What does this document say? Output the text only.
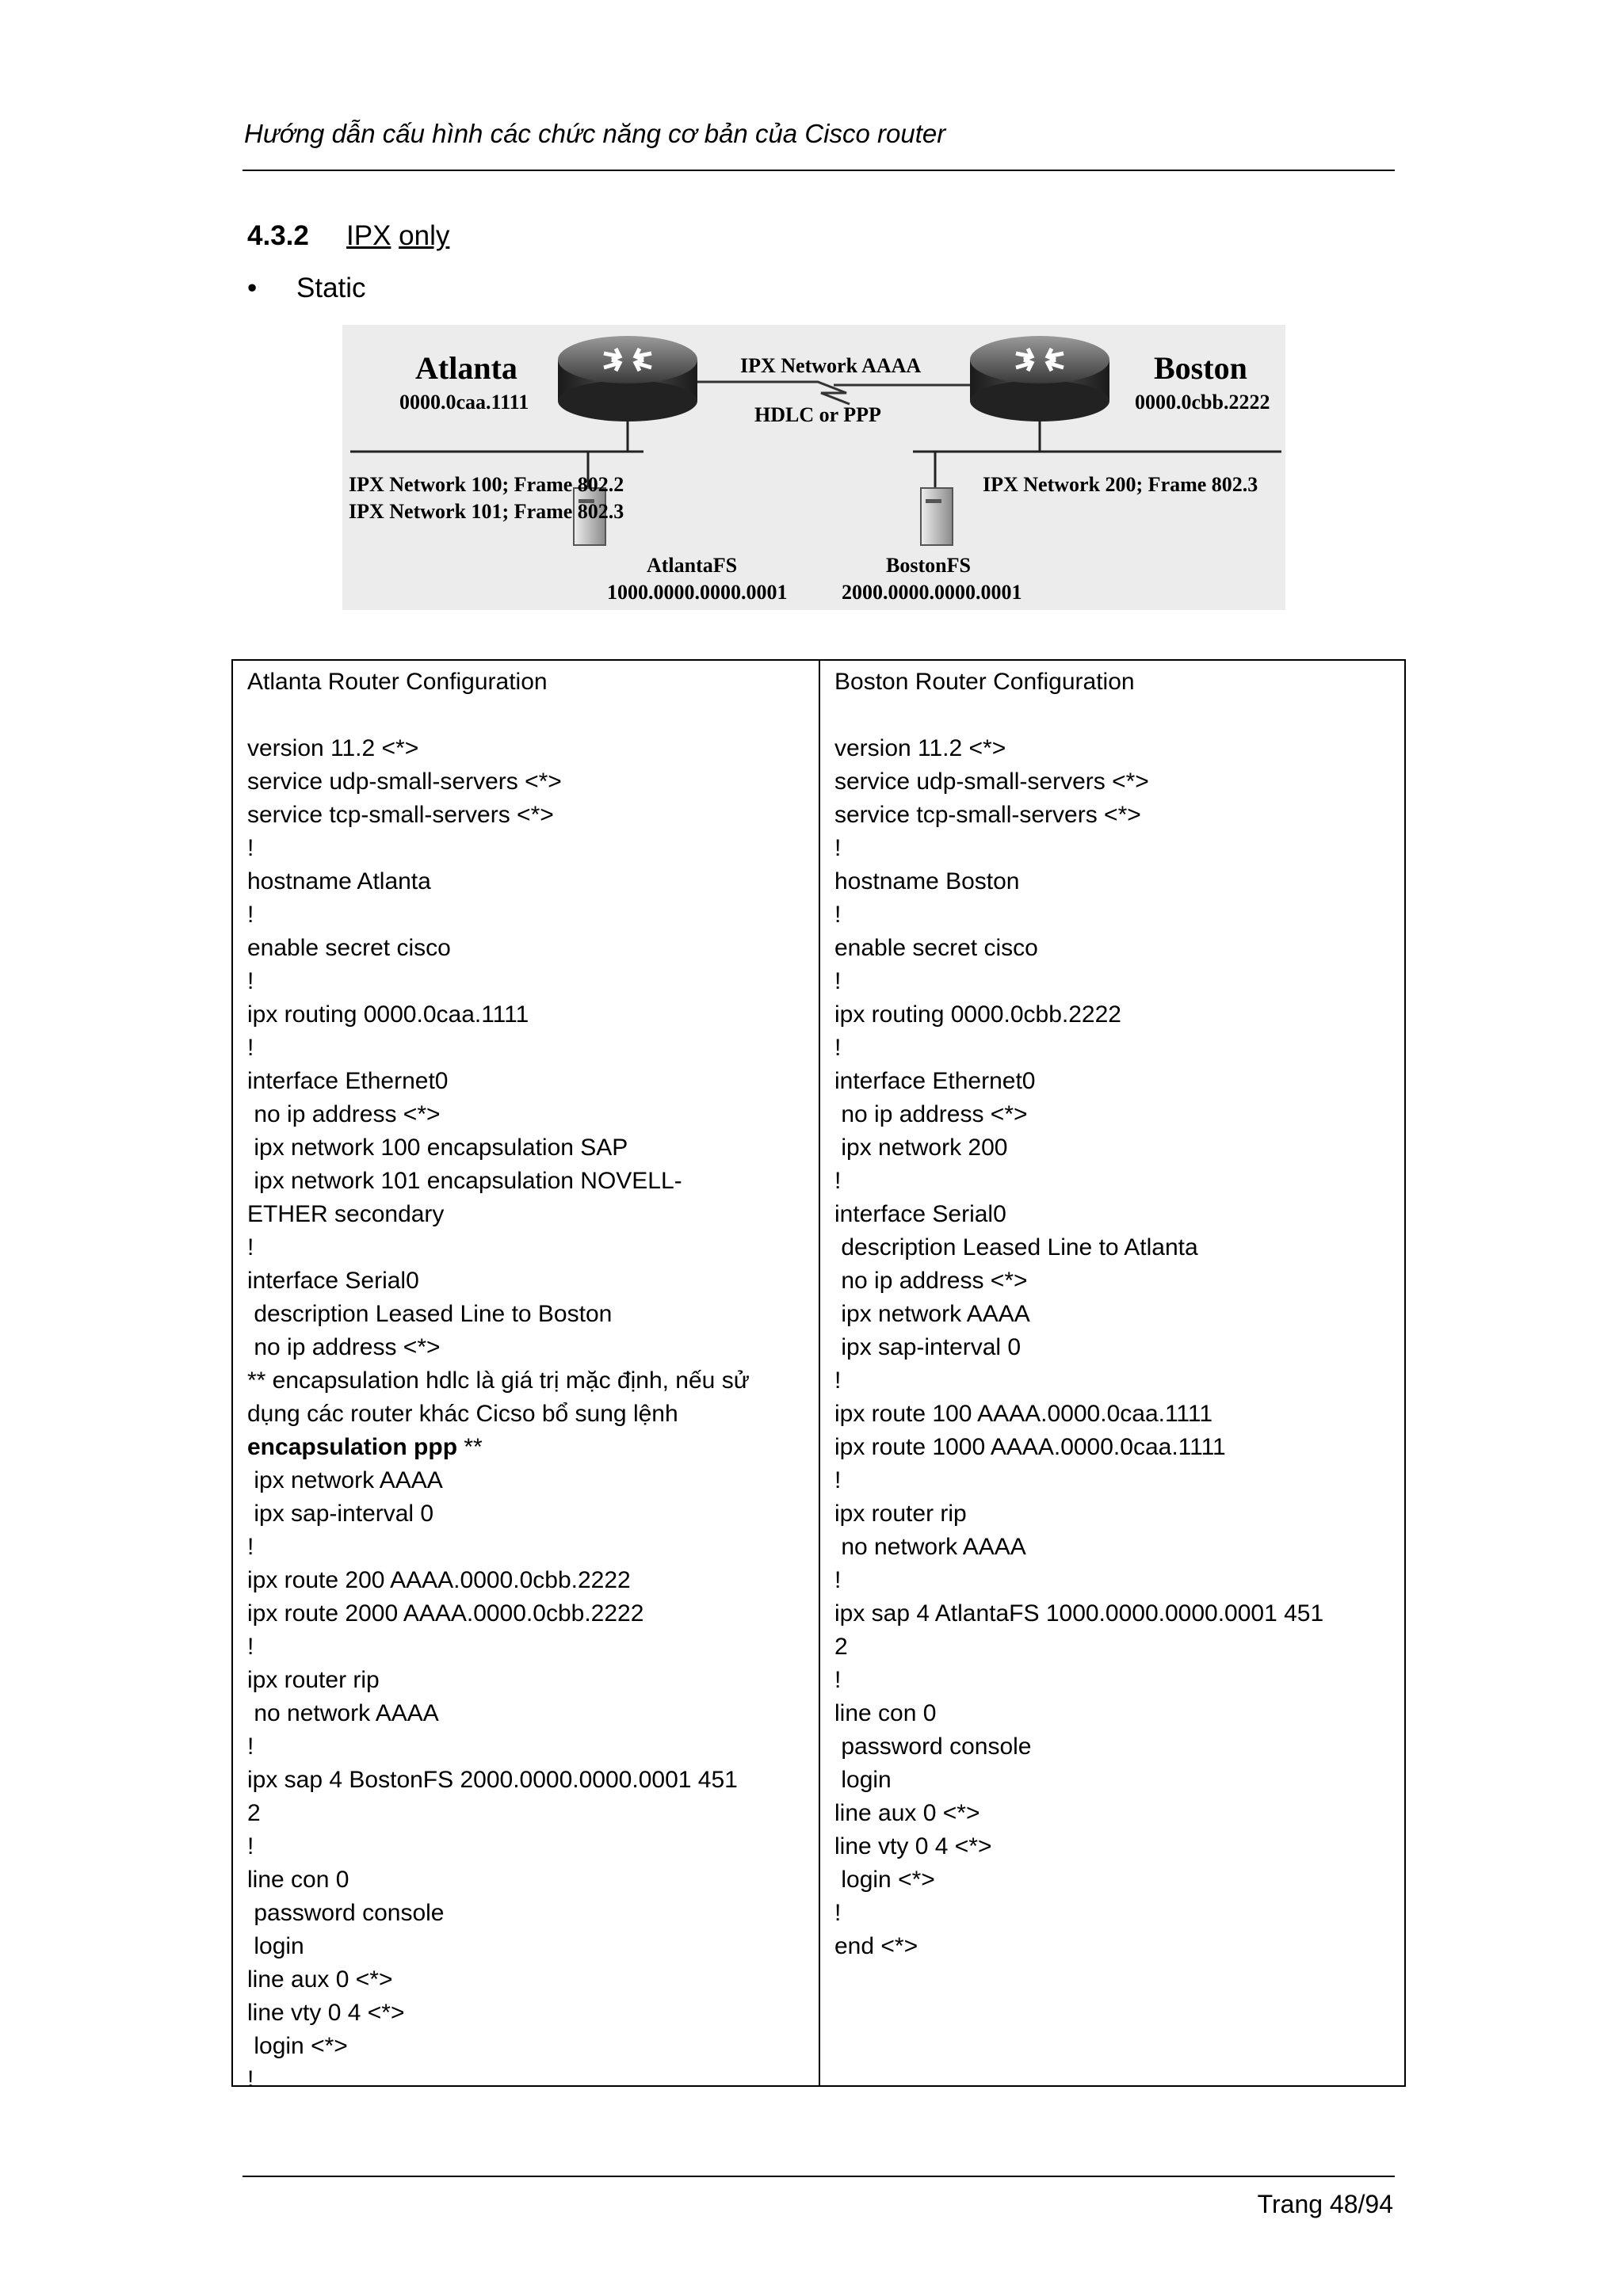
Hướng dẫn cấu hình các chức năng cơ bản của Cisco router
4.3.2 IPX only
• Static
Atlanta
0000.0caa.1111
Boston
0000.0cbb.2222
IPX Network AAAA
HDLC or PPP
IPX Network 100; Frame 802.2
IPX Network 101; Frame 802.3
IPX Network 200; Frame 802.3
AtlantaFS
1000.0000.0000.0001
BostonFS
2000.0000.0000.0001
Atlanta Router Configuration
version 11.2 <*>
service udp-small-servers <*>
service tcp-small-servers <*>
!
hostname Atlanta
!
enable secret cisco
!
ipx routing 0000.0caa.1111
!
interface Ethernet0
no ip address <*>
ipx network 100 encapsulation SAP
ipx network 101 encapsulation NOVELL-
ETHER secondary
!
interface Serial0
description Leased Line to Boston
no ip address <*>
** encapsulation hdlc là giá trị mặc định, nếu sử
dụng các router khác Cicso bổ sung lệnh
encapsulation ppp **
ipx network AAAA
ipx sap-interval 0
!
ipx route 200 AAAA.0000.0cbb.2222
ipx route 2000 AAAA.0000.0cbb.2222
!
ipx router rip
no network AAAA
!
ipx sap 4 BostonFS 2000.0000.0000.0001 451
2
!
line con 0
password console
login
line aux 0 <*>
line vty 0 4 <*>
login <*>
!
Boston Router Configuration
version 11.2 <*>
service udp-small-servers <*>
service tcp-small-servers <*>
!
hostname Boston
!
enable secret cisco
!
ipx routing 0000.0cbb.2222
!
interface Ethernet0
no ip address <*>
ipx network 200
!
interface Serial0
description Leased Line to Atlanta
no ip address <*>
ipx network AAAA
ipx sap-interval 0
!
ipx route 100 AAAA.0000.0caa.1111
ipx route 1000 AAAA.0000.0caa.1111
!
ipx router rip
no network AAAA
!
ipx sap 4 AtlantaFS 1000.0000.0000.0001 451
2
!
line con 0
password console
login
line aux 0 <*>
line vty 0 4 <*>
login <*>
!
end <*>
Trang 48/94
